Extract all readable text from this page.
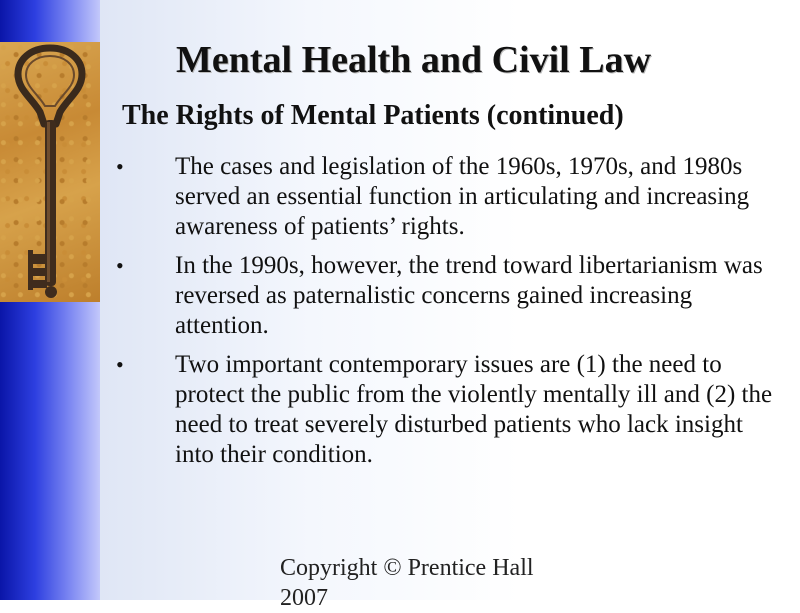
Mental Health and Civil Law
The Rights of Mental Patients (continued)
•	The cases and legislation of the 1960s, 1970s, and 1980s served an essential function in articulating and increasing awareness of patients’ rights.
•	In the 1990s, however, the trend toward libertarianism was reversed as paternalistic concerns gained increasing attention.
•	Two important contemporary issues are (1) the need to protect the public from the violently mentally ill and (2) the need to treat severely disturbed patients who lack insight into their condition.
Copyright © Prentice Hall 2007
